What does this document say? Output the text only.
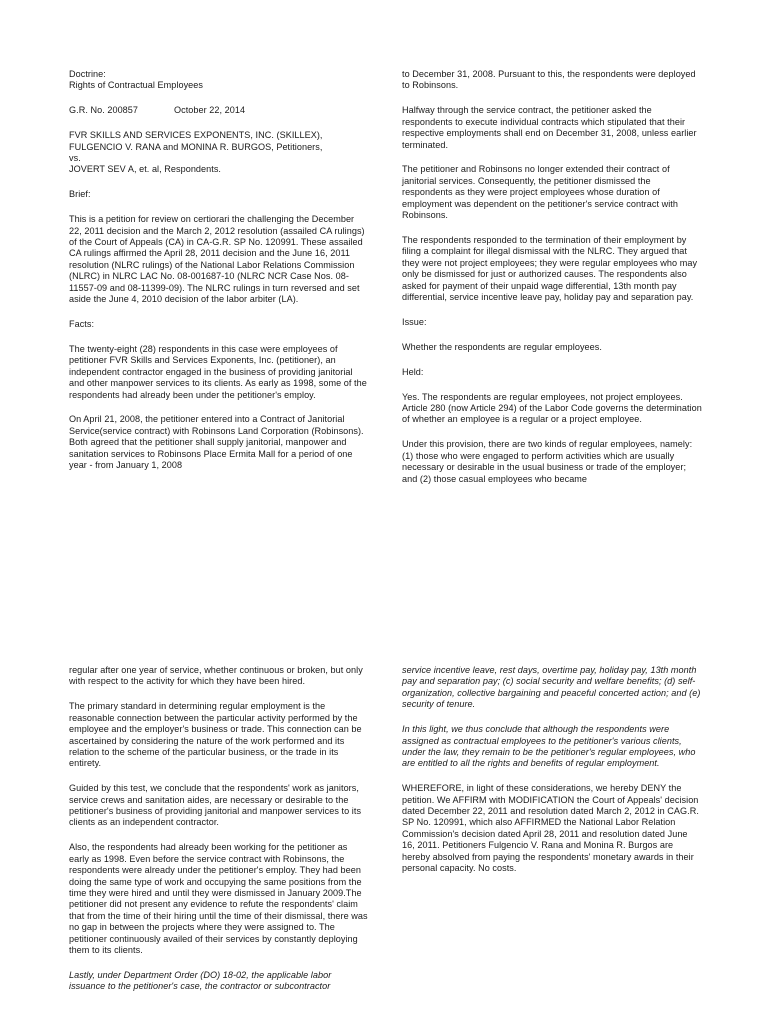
Doctrine:
Rights of Contractual Employees

G.R. No. 200857	October 22, 2014

FVR SKILLS AND SERVICES EXPONENTS, INC. (SKILLEX),
FULGENCIO V. RANA and MONINA R. BURGOS, Petitioners,
vs.
JOVERT SEV A, et. al, Respondents.

Brief:

This is a petition for review on certiorari the challenging the December 22, 2011 decision and the March 2, 2012 resolution (assailed CA rulings) of the Court of Appeals (CA) in CA-G.R. SP No. 120991. These assailed CA rulings affirmed the April 28, 2011 decision and the June 16, 2011 resolution (NLRC rulings) of the National Labor Relations Commission (NLRC) in NLRC LAC No. 08-001687-10 (NLRC NCR Case Nos. 08-11557-09 and 08-11399-09). The NLRC rulings in turn reversed and set aside the June 4, 2010 decision of the labor arbiter (LA).

Facts:

The twenty-eight (28) respondents in this case were employees of petitioner FVR Skills and Services Exponents, Inc. (petitioner), an independent contractor engaged in the business of providing janitorial and other manpower services to its clients. As early as 1998, some of the respondents had already been under the petitioner's employ.

On April 21, 2008, the petitioner entered into a Contract of Janitorial Service(service contract) with Robinsons Land Corporation (Robinsons). Both agreed that the petitioner shall supply janitorial, manpower and sanitation services to Robinsons Place Ermita Mall for a period of one year - from January 1, 2008

to December 31, 2008. Pursuant to this, the respondents were deployed to Robinsons.

Halfway through the service contract, the petitioner asked the respondents to execute individual contracts which stipulated that their respective employments shall end on December 31, 2008, unless earlier terminated.

The petitioner and Robinsons no longer extended their contract of janitorial services. Consequently, the petitioner dismissed the respondents as they were project employees whose duration of employment was dependent on the petitioner's service contract with Robinsons.

The respondents responded to the termination of their employment by filing a complaint for illegal dismissal with the NLRC. They argued that they were not project employees; they were regular employees who may only be dismissed for just or authorized causes. The respondents also asked for payment of their unpaid wage differential, 13th month pay differential, service incentive leave pay, holiday pay and separation pay.

Issue:

Whether the respondents are regular employees.

Held:

Yes. The respondents are regular employees, not project employees. Article 280 (now Article 294) of the Labor Code governs the determination of whether an employee is a regular or a project employee.

Under this provision, there are two kinds of regular employees, namely: (1) those who were engaged to perform activities which are usually necessary or desirable in the usual business or trade of the employer; and (2) those casual employees who became

regular after one year of service, whether continuous or broken, but only with respect to the activity for which they have been hired.

The primary standard in determining regular employment is the reasonable connection between the particular activity performed by the employee and the employer's business or trade. This connection can be ascertained by considering the nature of the work performed and its relation to the scheme of the particular business, or the trade in its entirety.

Guided by this test, we conclude that the respondents' work as janitors, service crews and sanitation aides, are necessary or desirable to the petitioner's business of providing janitorial and manpower services to its clients as an independent contractor.

Also, the respondents had already been working for the petitioner as early as 1998. Even before the service contract with Robinsons, the respondents were already under the petitioner's employ. They had been doing the same type of work and occupying the same positions from the time they were hired and until they were dismissed in January 2009.The petitioner did not present any evidence to refute the respondents' claim that from the time of their hiring until the time of their dismissal, there was no gap in between the projects where they were assigned to. The petitioner continuously availed of their services by constantly deploying them to its clients.

Lastly, under Department Order (DO) 18-02, the applicable labor issuance to the petitioner's case, the contractor or subcontractor

service incentive leave, rest days, overtime pay, holiday pay, 13th month pay and separation pay; (c) social security and welfare benefits; (d) self-organization, collective bargaining and peaceful concerted action; and (e) security of tenure.

In this light, we thus conclude that although the respondents were assigned as contractual employees to the petitioner's various clients, under the law, they remain to be the petitioner's regular employees, who are entitled to all the rights and benefits of regular employment.

WHEREFORE, in light of these considerations, we hereby DENY the petition. We AFFIRM with MODIFICATION the Court of Appeals' decision dated December 22, 2011 and resolution dated March 2, 2012 in CAG.R. SP No. 120991, which also AFFIRMED the National Labor Relation Commission's decision dated April 28, 2011 and resolution dated June 16, 2011. Petitioners Fulgencio V. Rana and Monina R. Burgos are hereby absolved from paying the respondents' monetary awards in their personal capacity. No costs.
